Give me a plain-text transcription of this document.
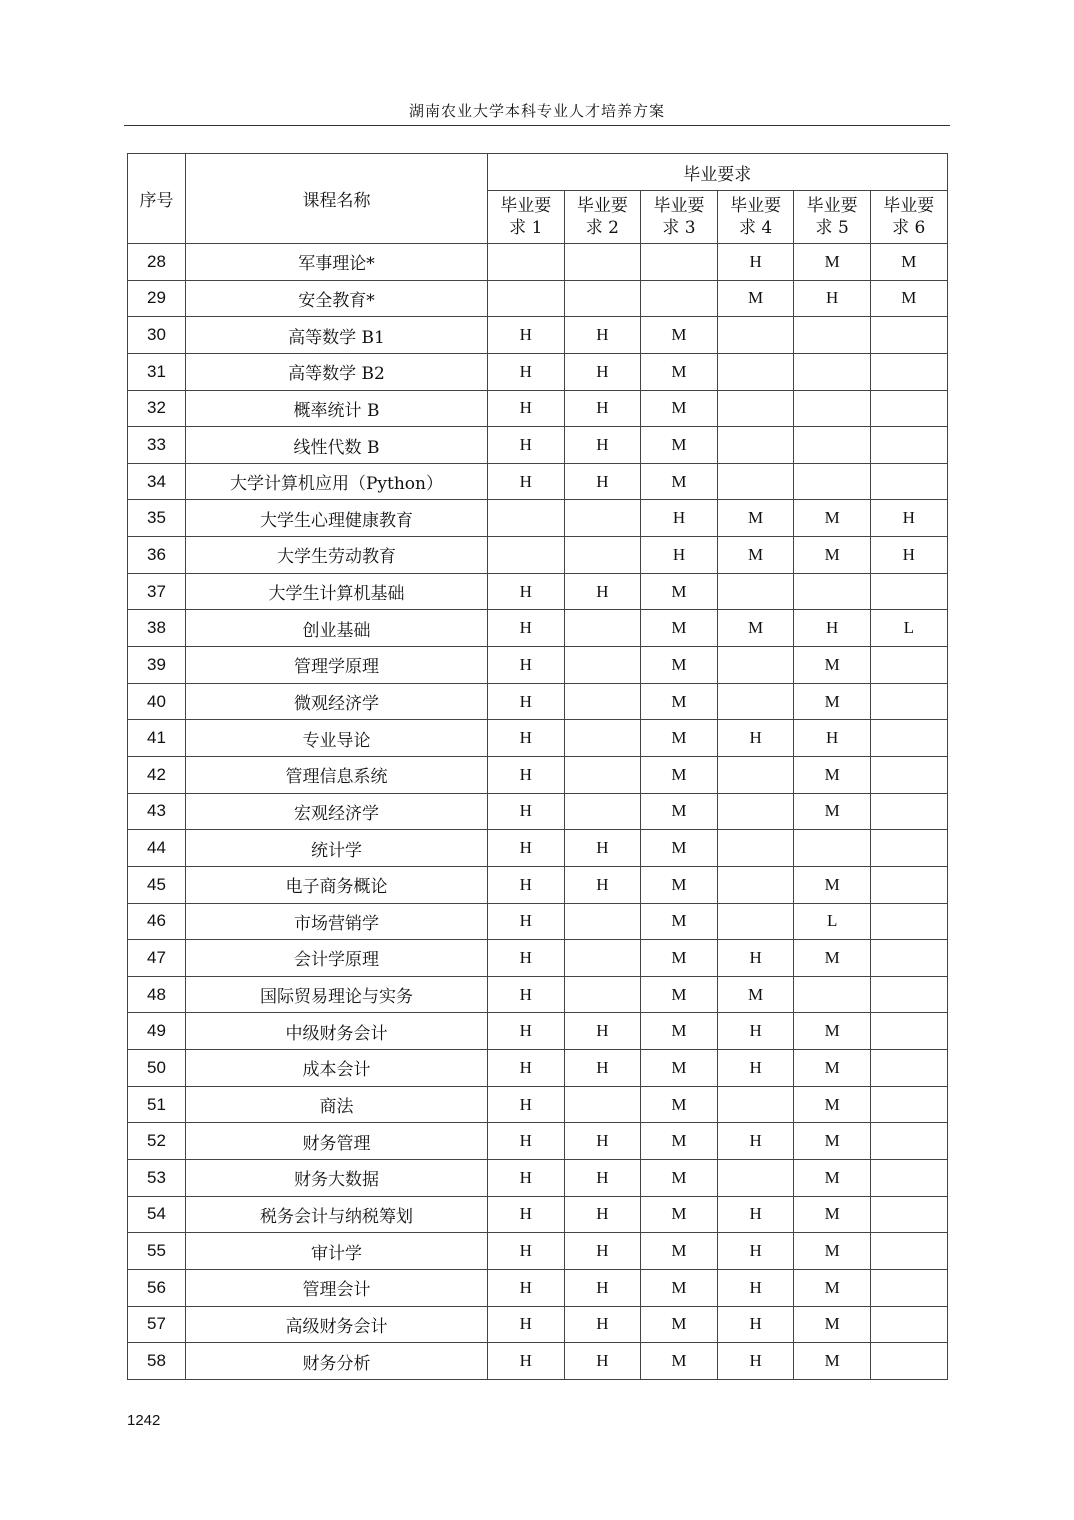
湖南农业大学本科专业人才培养方案
序号	课程名称	毕业要求					

		毕业要
求 1	毕业要
求 2	毕业要
求 3	毕业要
求 4	毕业要
求 5	毕业要
求 6

28	军事理论*				H	M	M
29	安全教育*				M	H	M
30	高等数学 B1	H	H	M			
31	高等数学 B2	H	H	M			
32	概率统计 B	H	H	M			
33	线性代数 B	H	H	M			
34	大学计算机应用（Python）	H	H	M			
35	大学生心理健康教育			H	M	M	H
36	大学生劳动教育			H	M	M	H
37	大学生计算机基础	H	H	M			
38	创业基础	H		M	M	H	L
39	管理学原理	H		M		M	
40	微观经济学	H		M		M	
41	专业导论	H		M	H	H	
42	管理信息系统	H		M		M	
43	宏观经济学	H		M		M	
44	统计学	H	H	M			
45	电子商务概论	H	H	M		M	
46	市场营销学	H		M		L	
47	会计学原理	H		M	H	M	
48	国际贸易理论与实务	H		M	M		
49	中级财务会计	H	H	M	H	M	
50	成本会计	H	H	M	H	M	
51	商法	H		M		M	
52	财务管理	H	H	M	H	M	
53	财务大数据	H	H	M		M	
54	税务会计与纳税筹划	H	H	M	H	M	
55	审计学	H	H	M	H	M	
56	管理会计	H	H	M	H	M	
57	高级财务会计	H	H	M	H	M	
58	财务分析	H	H	M	H	M	
1242
